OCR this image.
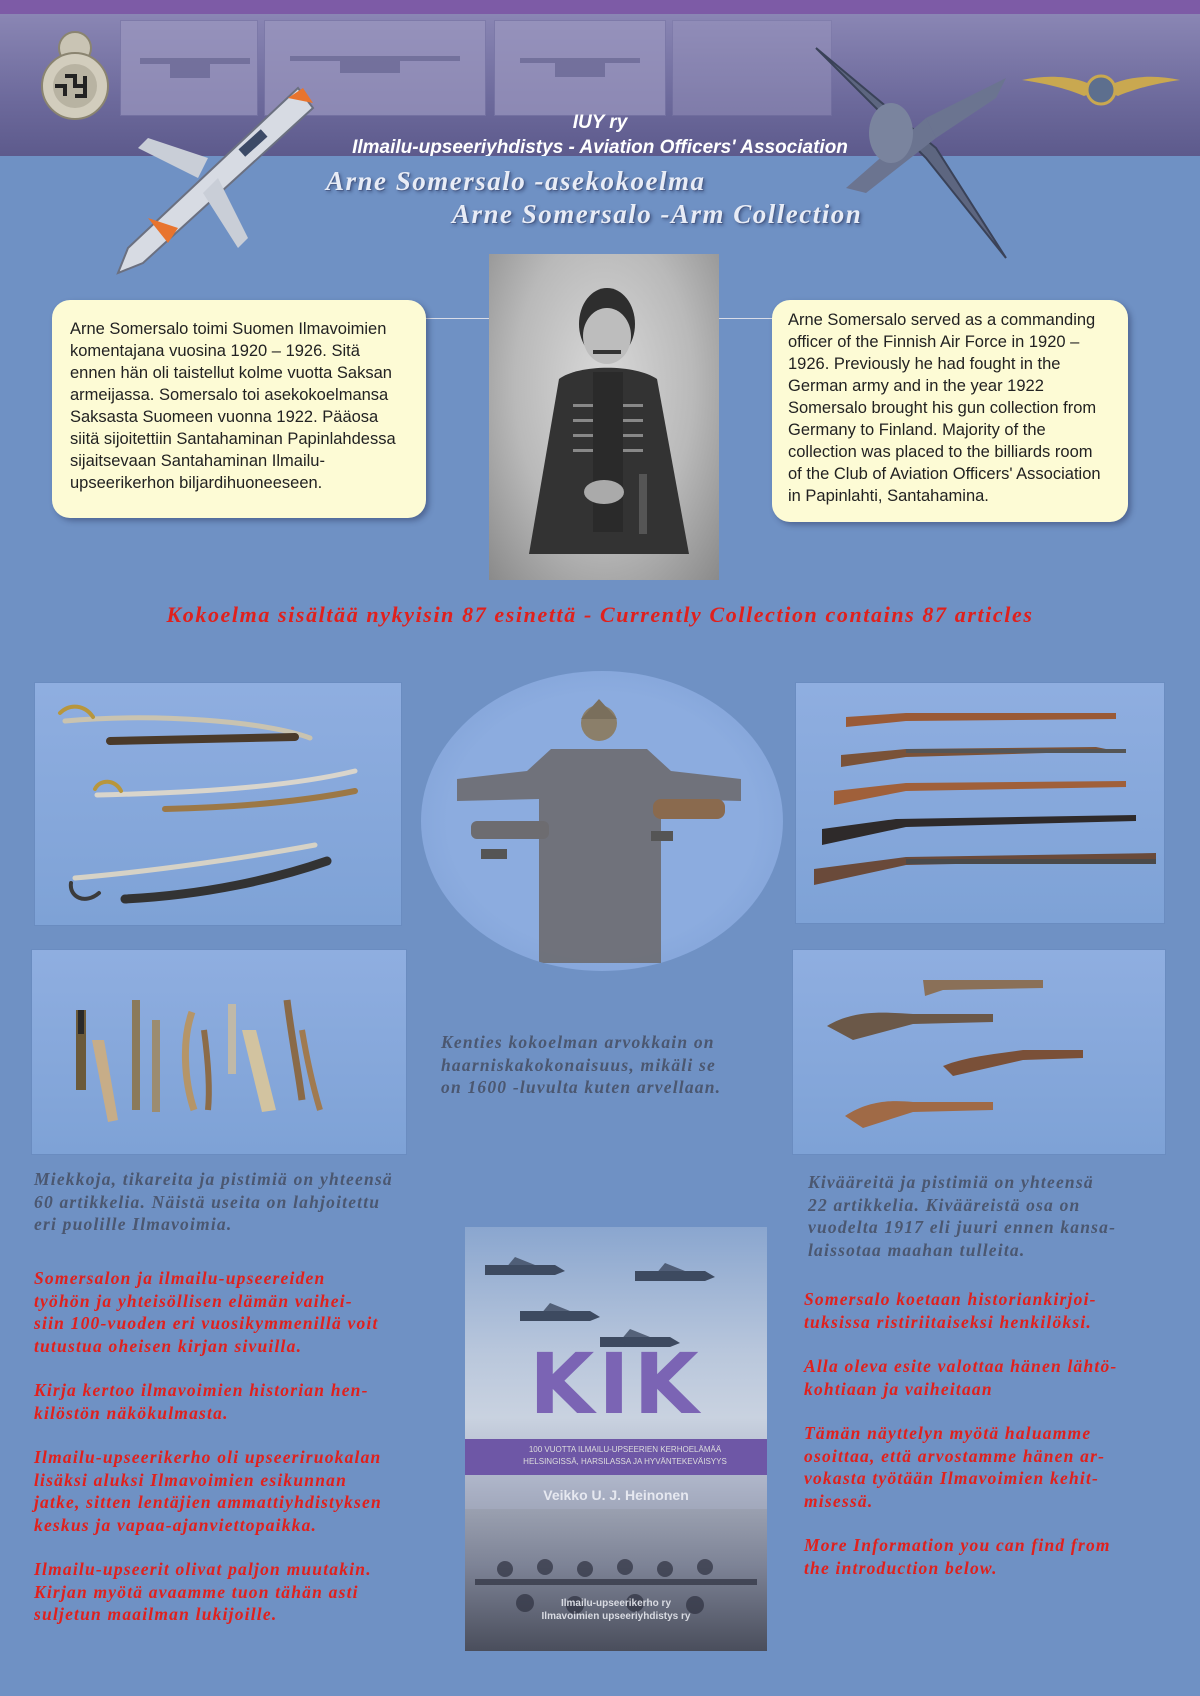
IUY ry
Ilmailu-upseeriyhdistys - Aviation Officers' Association
Arne Somersalo -asekokoelma
Arne Somersalo -Arm Collection
Arne Somersalo toimi Suomen Ilmavoimien
komentajana vuosina 1920 – 1926. Sitä
ennen hän oli taistellut kolme vuotta Saksan
armeijassa. Somersalo toi asekokoelmansa
Saksasta Suomeen vuonna 1922. Pääosa
siitä sijoitettiin Santahaminan Papinlahdessa
sijaitsevaan Santahaminan Ilmailu-
upseerikerhon biljardihuoneeseen.
Arne Somersalo served as a commanding
officer of the Finnish Air Force in 1920 –
1926. Previously he had fought in the
German army and in the year 1922
Somersalo brought his gun collection from
Germany to Finland. Majority of the
collection was placed to the billiards room
of the Club of Aviation Officers' Association
in Papinlahti, Santahamina.
Kokoelma sisältää nykyisin 87 esinettä - Currently Collection contains 87 articles
Kenties kokoelman arvokkain on
haarniskakokonaisuus, mikäli se
on 1600 -luvulta kuten arvellaan.
Miekkoja, tikareita ja pistimiä on yhteensä
60 artikkelia. Näistä useita on lahjoitettu
eri puolille Ilmavoimia.
Kivääreitä ja pistimiä on yhteensä
22 artikkelia. Kivääreistä osa on
vuodelta 1917 eli juuri ennen kansa-
laissotaa maahan tulleita.

Somersalon ja ilmailu-upseereiden
työhön ja yhteisöllisen elämän vaihei-
siin 100-vuoden eri vuosikymmenillä voit
tutustua oheisen kirjan sivuilla.

Kirja kertoo ilmavoimien historian hen-
kilöstön näkökulmasta.

Ilmailu-upseerikerho oli upseeriruokalan
lisäksi aluksi Ilmavoimien esikunnan
jatke, sitten lentäjien ammattiyhdistyksen
keskus ja vapaa-ajanviettopaikka.

Ilmailu-upseerit olivat paljon muutakin.
Kirjan myötä avaamme tuon tähän asti
suljetun maailman lukijoille.

Somersalo koetaan historiankirjoi-
tuksissa ristiriitaiseksi henkilöksi.

Alla oleva esite valottaa hänen lähtö-
kohtiaan ja vaiheitaan

Tämän näyttelyn myötä haluamme
osoittaa, että arvostamme hänen ar-
vokasta työtään Ilmavoimien kehit-
misessä.

More Information you can find from
the introduction below.

KIK
100 VUOTTA ILMAILU-UPSEERIEN KERHOELÄMÄÄ
HELSINGISSÄ, HARSILASSA JA HYVÄNTEKEVÄISYYS
Veikko U. J. Heinonen
Ilmailu-upseerikerho ry
Ilmavoimien upseeriyhdistys ry
